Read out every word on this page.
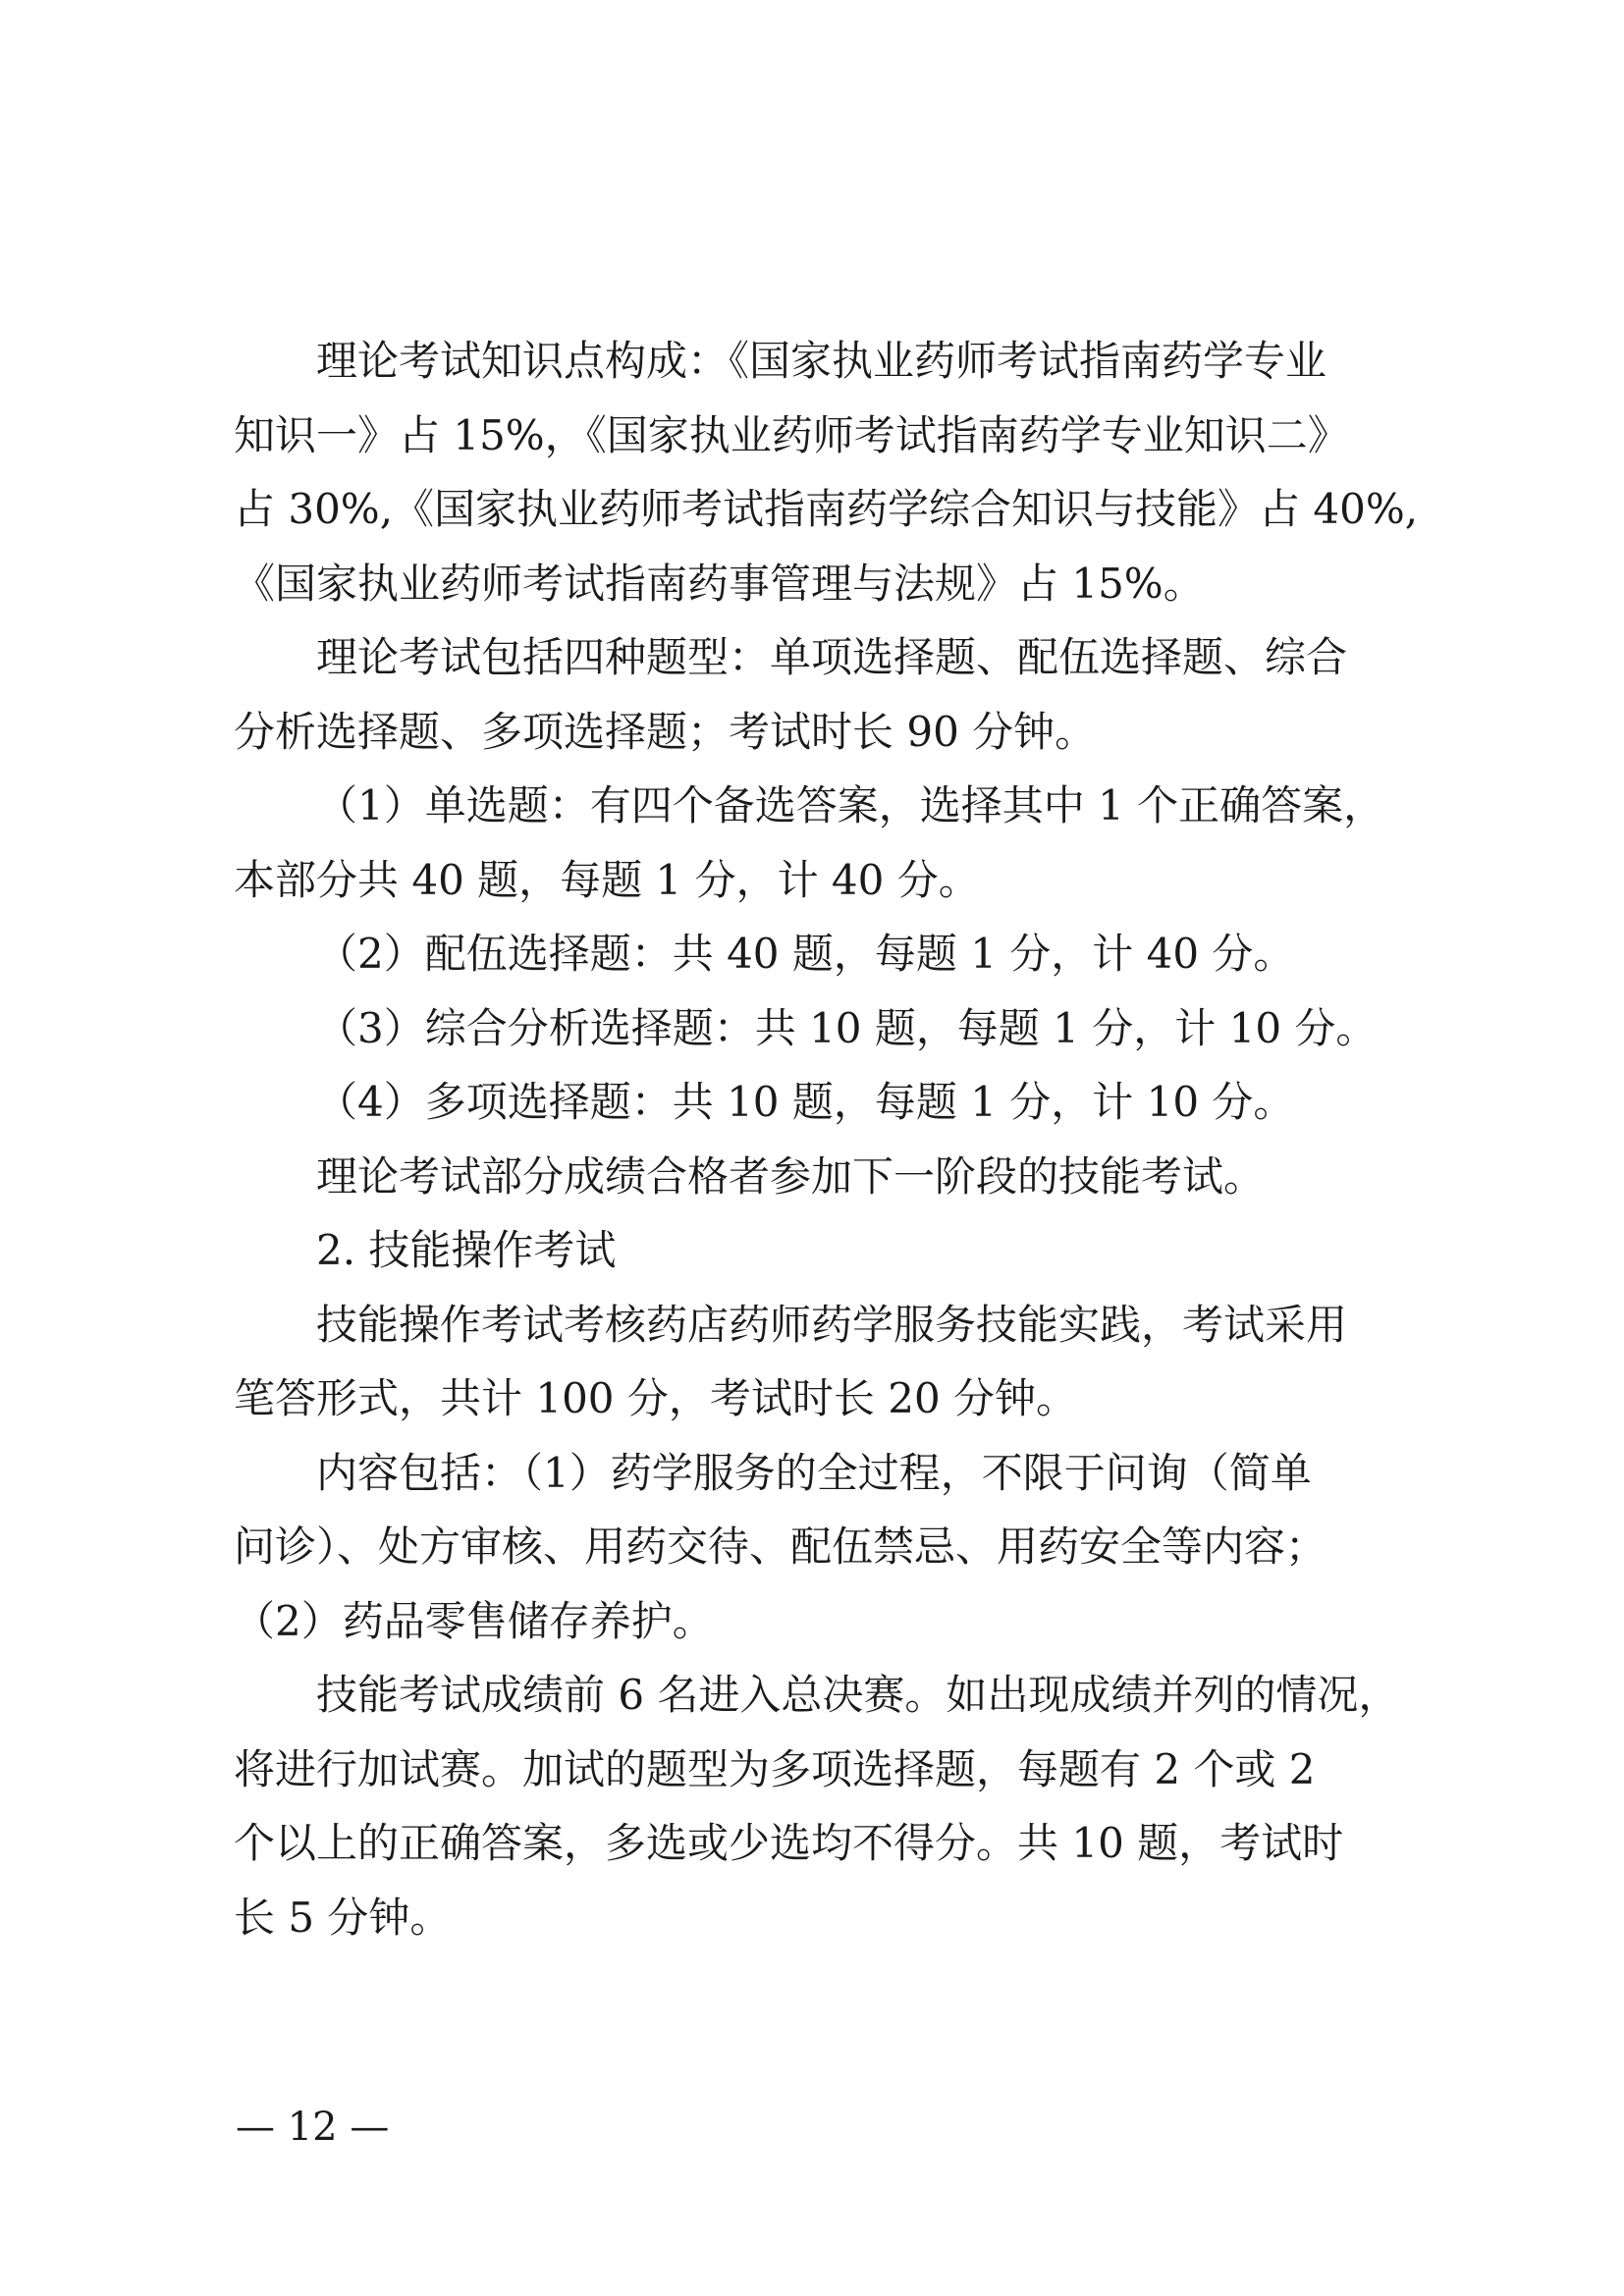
理论考试知识点构成：《国家执业药师考试指南药学专业
知识一》占 15%，《国家执业药师考试指南药学专业知识二》
占 30%,《国家执业药师考试指南药学综合知识与技能》占 40%,
《国家执业药师考试指南药事管理与法规》占 15%。

理论考试包括四种题型：单项选择题、配伍选择题、综合
分析选择题、多项选择题；考试时长 90 分钟。

（1）单选题：有四个备选答案，选择其中 1 个正确答案，
本部分共 40 题，每题 1 分，计 40 分。

（2）配伍选择题：共 40 题，每题 1 分，计 40 分。

（3）综合分析选择题：共 10 题，每题 1 分，计 10 分。

（4）多项选择题：共 10 题，每题 1 分，计 10 分。

理论考试部分成绩合格者参加下一阶段的技能考试。

2. 技能操作考试

技能操作考试考核药店药师药学服务技能实践，考试采用
笔答形式，共计 100 分，考试时长 20 分钟。

内容包括：（1）药学服务的全过程，不限于问询（简单
问诊）、处方审核、用药交待、配伍禁忌、用药安全等内容；
（2）药品零售储存养护。

技能考试成绩前 6 名进入总决赛。如出现成绩并列的情况，
将进行加试赛。加试的题型为多项选择题，每题有 2 个或 2
个以上的正确答案，多选或少选均不得分。共 10 题，考试时
长 5 分钟。

— 12 —
